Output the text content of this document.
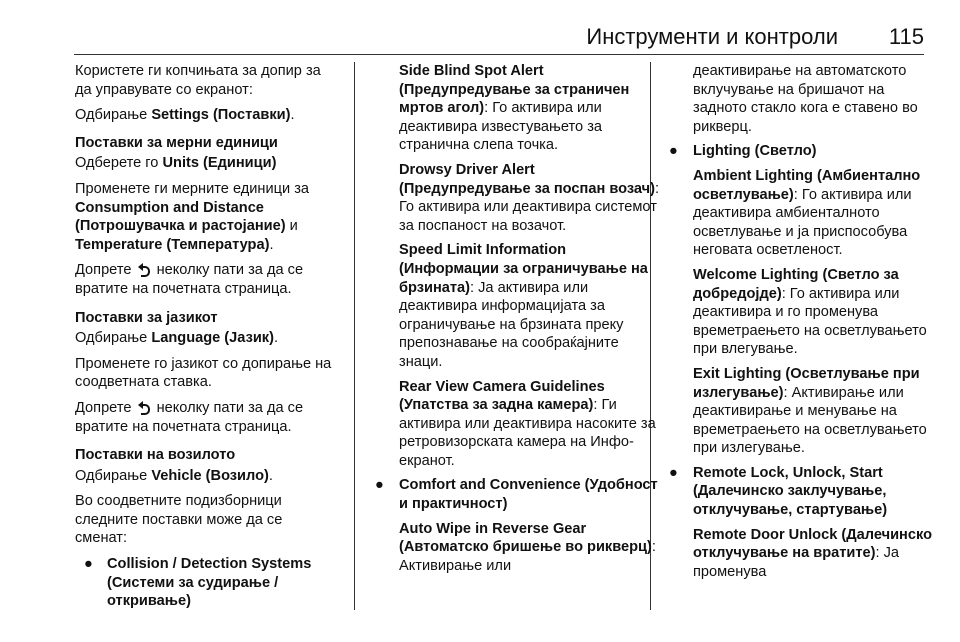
Инструменти и контроли 115

Користете ги копчињата за допир за да управувате со екранот:

Одбирање Settings (Поставки).

Поставки за мерни единици

Одберете го Units (Единици)

Променете ги мерните единици за Consumption and Distance (Потрошувачка и растојание) и Temperature (Температура).

Допрете неколку пати за да се вратите на почетната страница.

Поставки за јазикот

Одбирање Language (Јазик).

Променете го јазикот со допирање на соодветната ставка.

Допрете неколку пати за да се вратите на почетната страница.

Поставки на возилото

Одбирање Vehicle (Возило).

Во соодветните подизборници следните поставки може да се сменат:

● Collision / Detection Systems (Системи за судирање / откривање)

Side Blind Spot Alert (Предупредување за страничен мртов агол): Го активира или деактивира известувањето за странична слепа точка.

Drowsy Driver Alert (Предупредување за поспан возач): Го активира или деактивира системот за поспаност на возачот.

Speed Limit Information (Информации за ограничување на брзината): Ја активира или деактивира информацијата за ограничување на брзината преку препознавање на сообраќајните знаци.

Rear View Camera Guidelines (Упатства за задна камера): Ги активира или деактивира насоките за ретровизорската камера на Инфо-екранот.

● Comfort and Convenience (Удобност и практичност)

Auto Wipe in Reverse Gear (Автоматско бришење во рикверц): Активирање или

деактивирање на автоматското вклучување на бришачот на задното стакло кога е ставено во рикверц.

● Lighting (Светло)

Ambient Lighting (Амбиентално осветлување): Го активира или деактивира амбиенталното осветлување и ја приспособува неговата осветленост.

Welcome Lighting (Светло за добредојде): Го активира или деактивира и го променува времетраењето на осветлувањето при влегување.

Exit Lighting (Осветлување при излегување): Активирање или деактивирање и менување на времетраењето на осветлувањето при излегување.

● Remote Lock, Unlock, Start (Далечинско заклучување, отклучување, стартување)

Remote Door Unlock (Далечинско отклучување на вратите): Ја променува
